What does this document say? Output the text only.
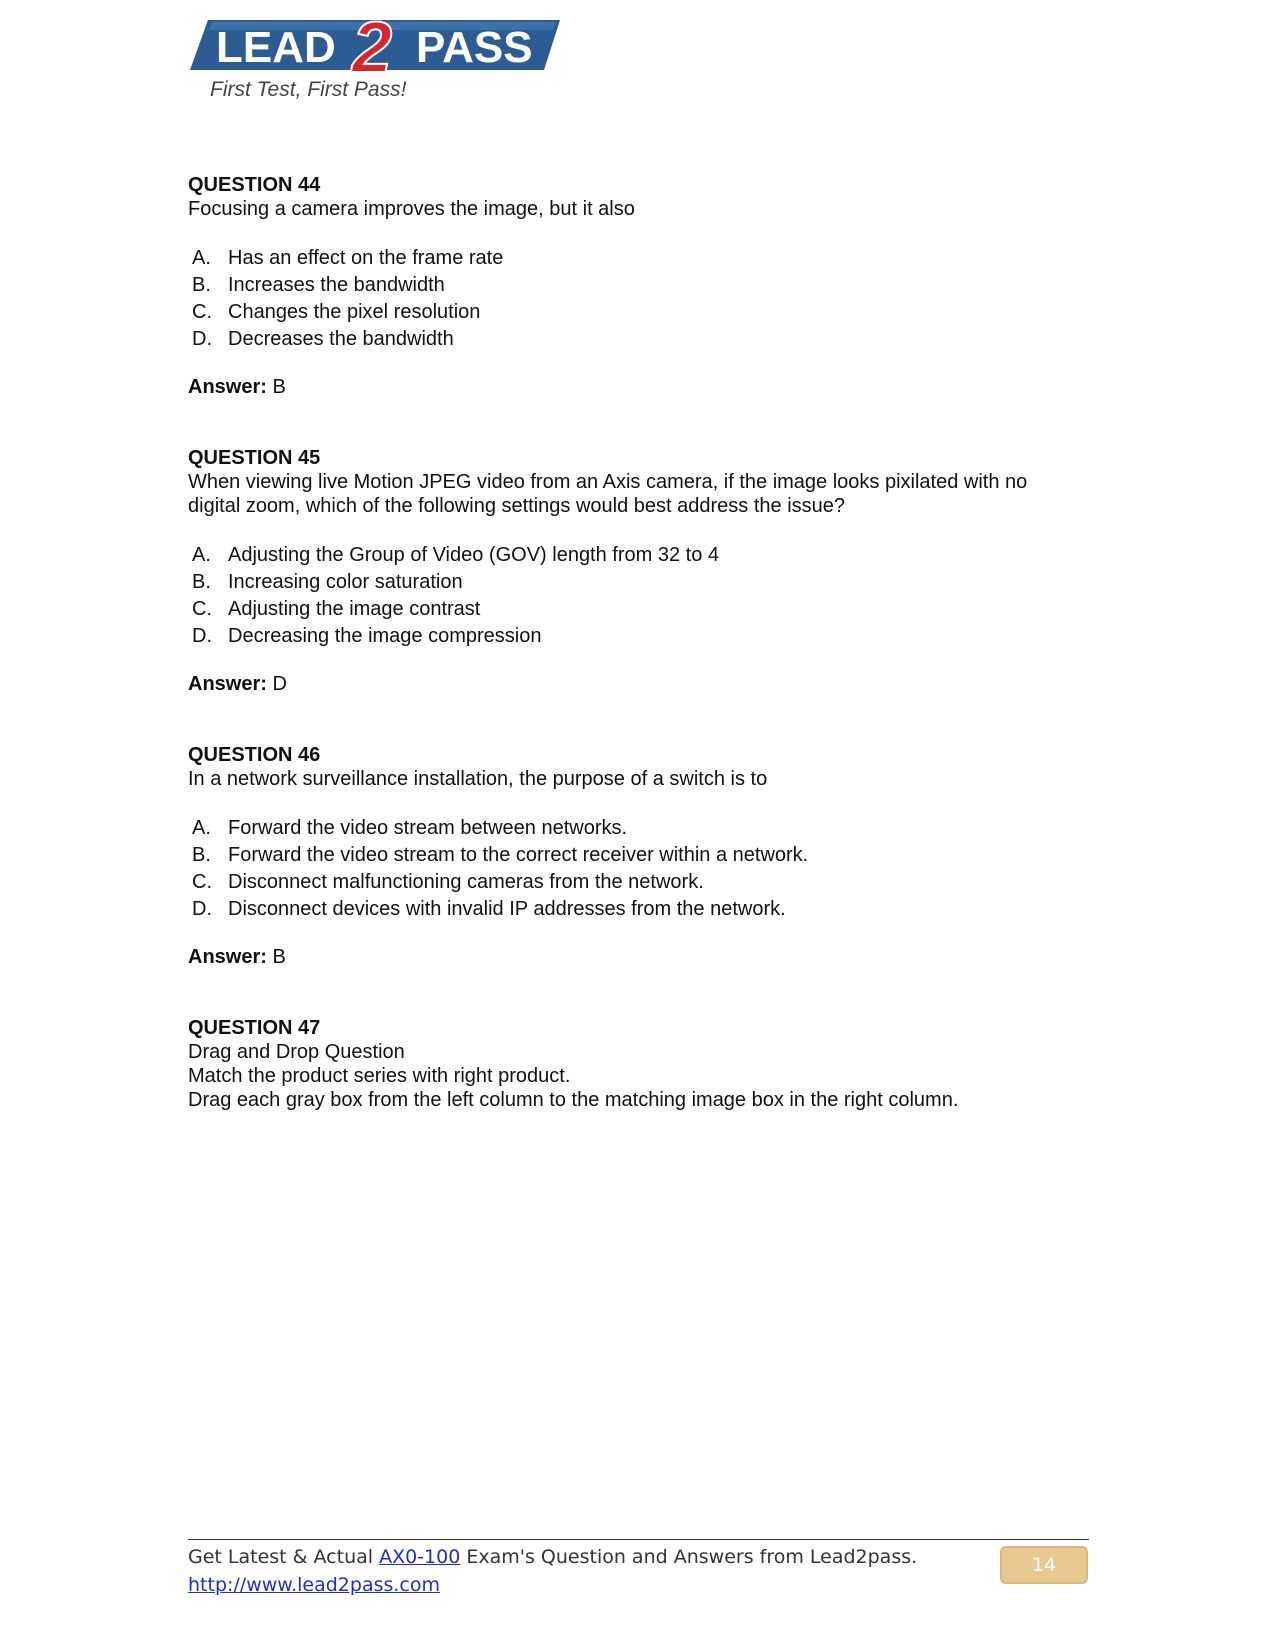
LEAD PASS
2
First Test, First Pass!

QUESTION 44

Focusing a camera improves the image, but it also

A. Has an effect on the frame rate
B. Increases the bandwidth
C. Changes the pixel resolution
D. Decreases the bandwidth

Answer: B

QUESTION 45

When viewing live Motion JPEG video from an Axis camera, if the image looks pixilated with no

digital zoom, which of the following settings would best address the issue?

A. Adjusting the Group of Video (GOV) length from 32 to 4
B. Increasing color saturation
C. Adjusting the image contrast
D. Decreasing the image compression

Answer: D

QUESTION 46

In a network surveillance installation, the purpose of a switch is to

A. Forward the video stream between networks.
B. Forward the video stream to the correct receiver within a network.
C. Disconnect malfunctioning cameras from the network.
D. Disconnect devices with invalid IP addresses from the network.

Answer: B

QUESTION 47

Drag and Drop Question

Match the product series with right product.

Drag each gray box from the left column to the matching image box in the right column.

Get Latest & Actual AX0-100 Exam's Question and Answers from Lead2pass.
http://www.lead2pass.com
14
